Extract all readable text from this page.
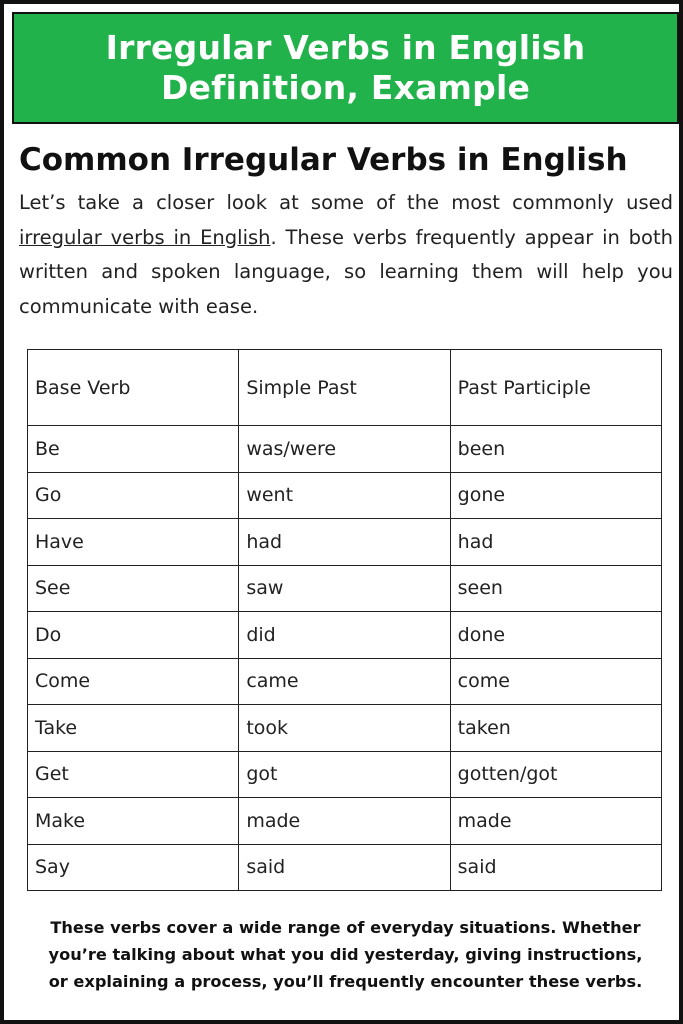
Irregular Verbs in English
Definition, Example
Common Irregular Verbs in English

Let’s take a closer look at some of the most commonly used irregular verbs in English. These verbs frequently appear in both written and spoken language, so learning them will help you communicate with ease.

Base Verb	Simple Past	Past Participle
Be	was/were	been
Go	went	gone
Have	had	had
See	saw	seen
Do	did	done
Come	came	come
Take	took	taken
Get	got	gotten/got
Make	made	made
Say	said	said
These verbs cover a wide range of everyday situations. Whether
you’re talking about what you did yesterday, giving instructions,
or explaining a process, you’ll frequently encounter these verbs.
